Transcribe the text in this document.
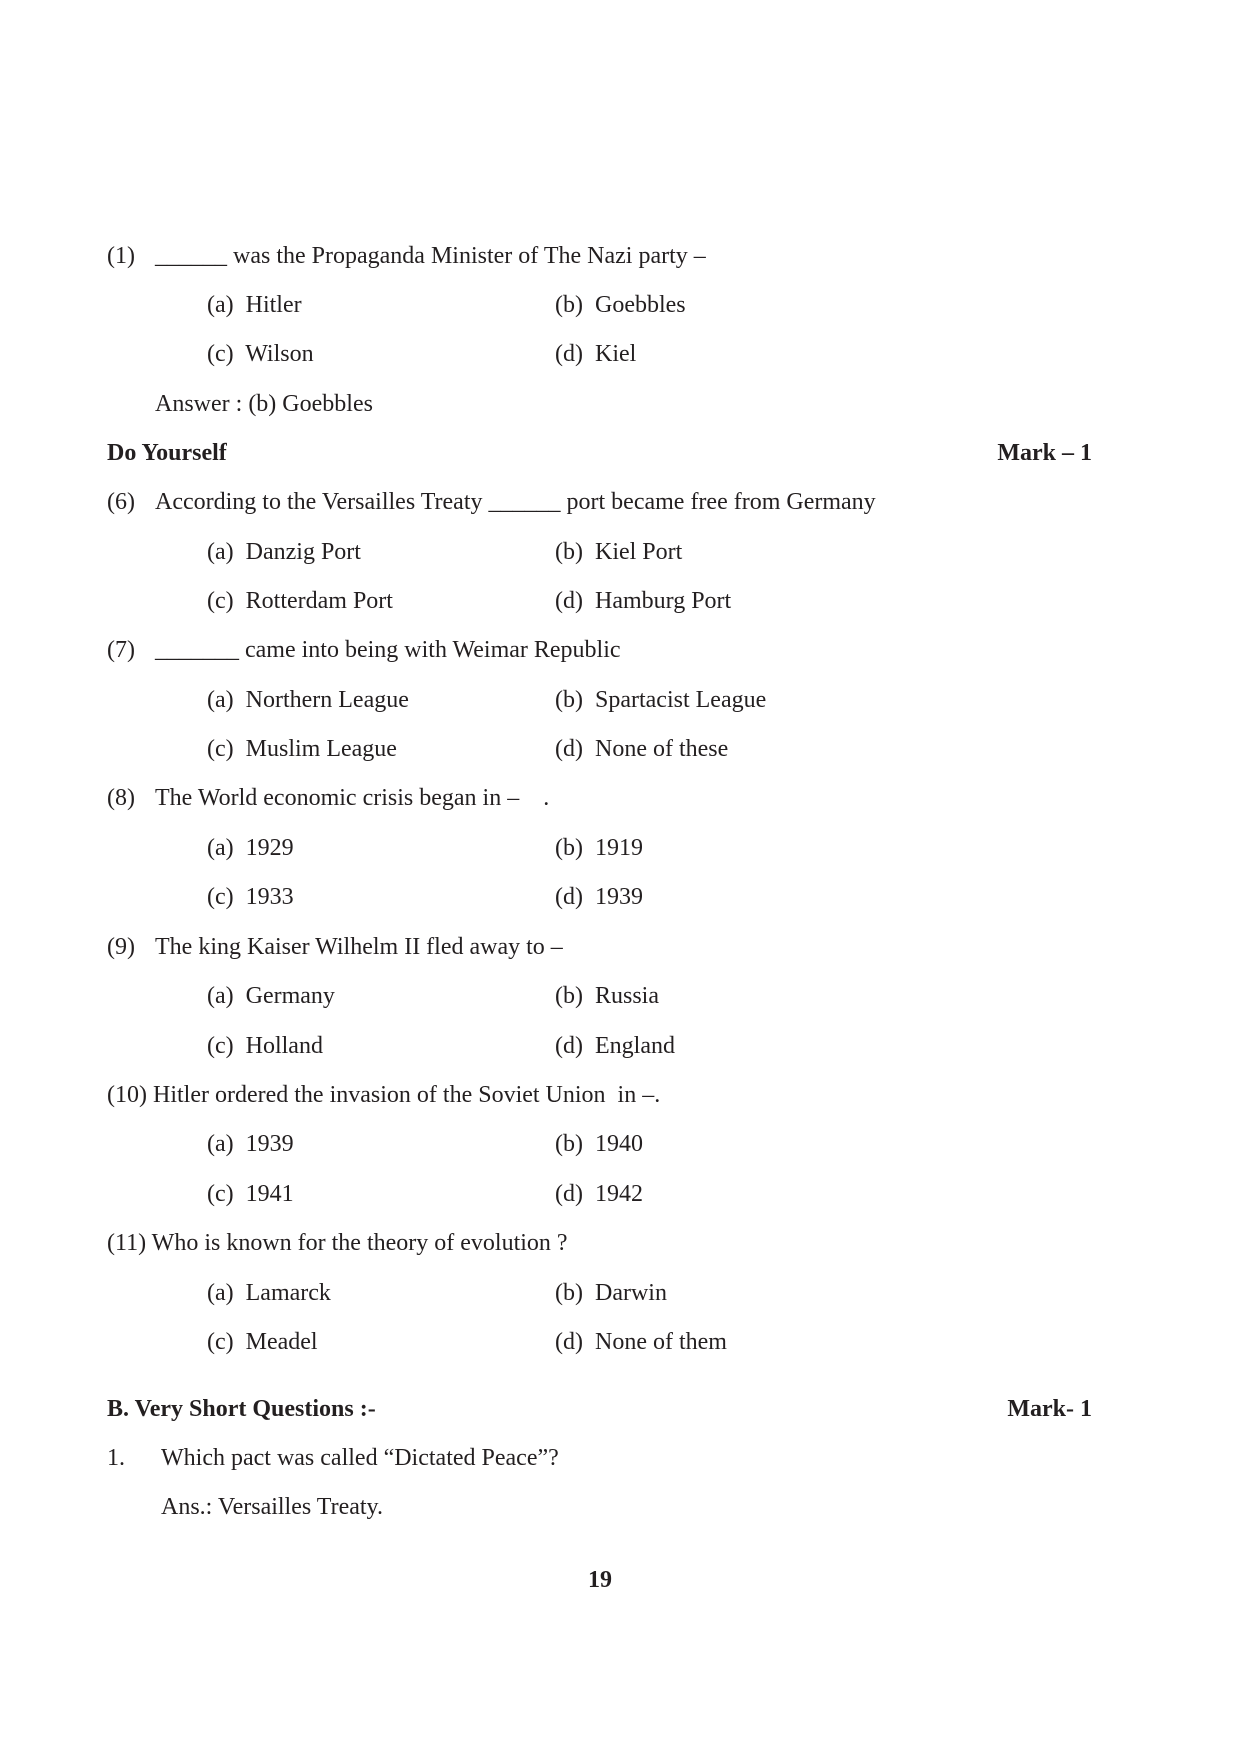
(1) ______ was the Propaganda Minister of The Nazi party –
(a)  Hitler	(b)  Goebbles
(c)  Wilson	(d)  Kiel
Answer : (b) Goebbles
Do Yourself	Mark – 1
(6) According to the Versailles Treaty ______ port became free from Germany
(a)  Danzig Port	(b)  Kiel Port
(c)  Rotterdam Port	(d)  Hamburg Port
(7) _______ came into being with Weimar Republic
(a)  Northern League	(b)  Spartacist League
(c)  Muslim League	(d)  None of these
(8) The World economic crisis began in –    .
(a)  1929	(b)  1919
(c)  1933	(d)  1939
(9) The king Kaiser Wilhelm II fled away to –
(a)  Germany	(b)  Russia
(c)  Holland	(d)  England
(10) Hitler ordered the invasion of the Soviet Union  in –.
(a)  1939	(b)  1940
(c)  1941	(d)  1942
(11) Who is known for the theory of evolution ?
(a)  Lamarck	(b)  Darwin
(c)  Meadel	(d)  None of them
B. Very Short Questions :-	Mark- 1
1. Which pact was called “Dictated Peace”?
Ans.: Versailles Treaty.
19
